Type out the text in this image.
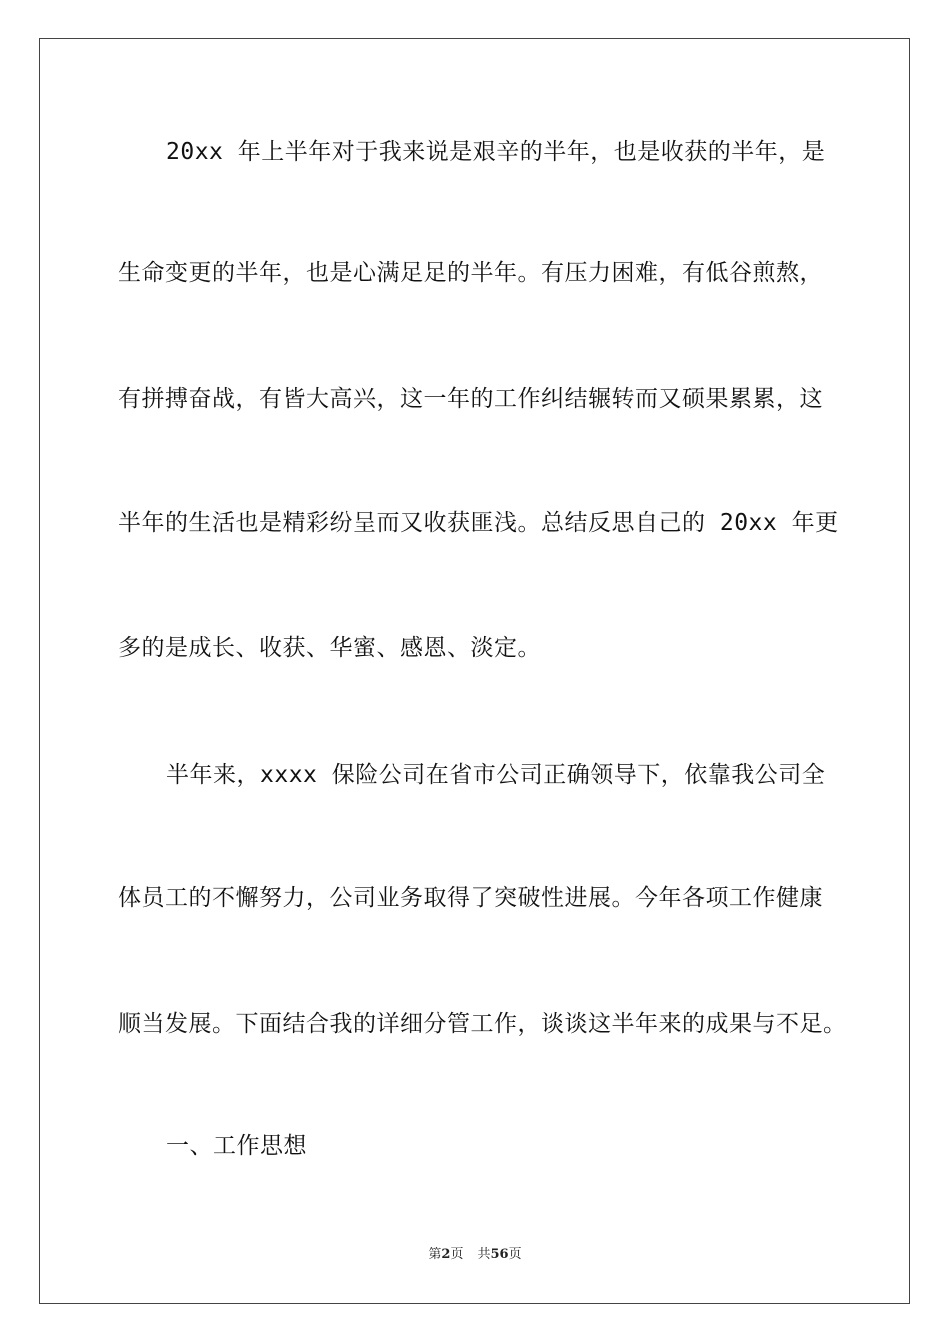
20xx 年上半年对于我来说是艰辛的半年，也是收获的半年，是
生命变更的半年，也是心满足足的半年。有压力困难，有低谷煎熬，
有拼搏奋战，有皆大高兴，这一年的工作纠结辗转而又硕果累累，这
半年的生活也是精彩纷呈而又收获匪浅。总结反思自己的 20xx 年更
多的是成长、收获、华蜜、感恩、淡定。
半年来，xxxx 保险公司在省市公司正确领导下，依靠我公司全
体员工的不懈努力，公司业务取得了突破性进展。今年各项工作健康
顺当发展。下面结合我的详细分管工作，谈谈这半年来的成果与不足。
一、工作思想
第2页 共56页
